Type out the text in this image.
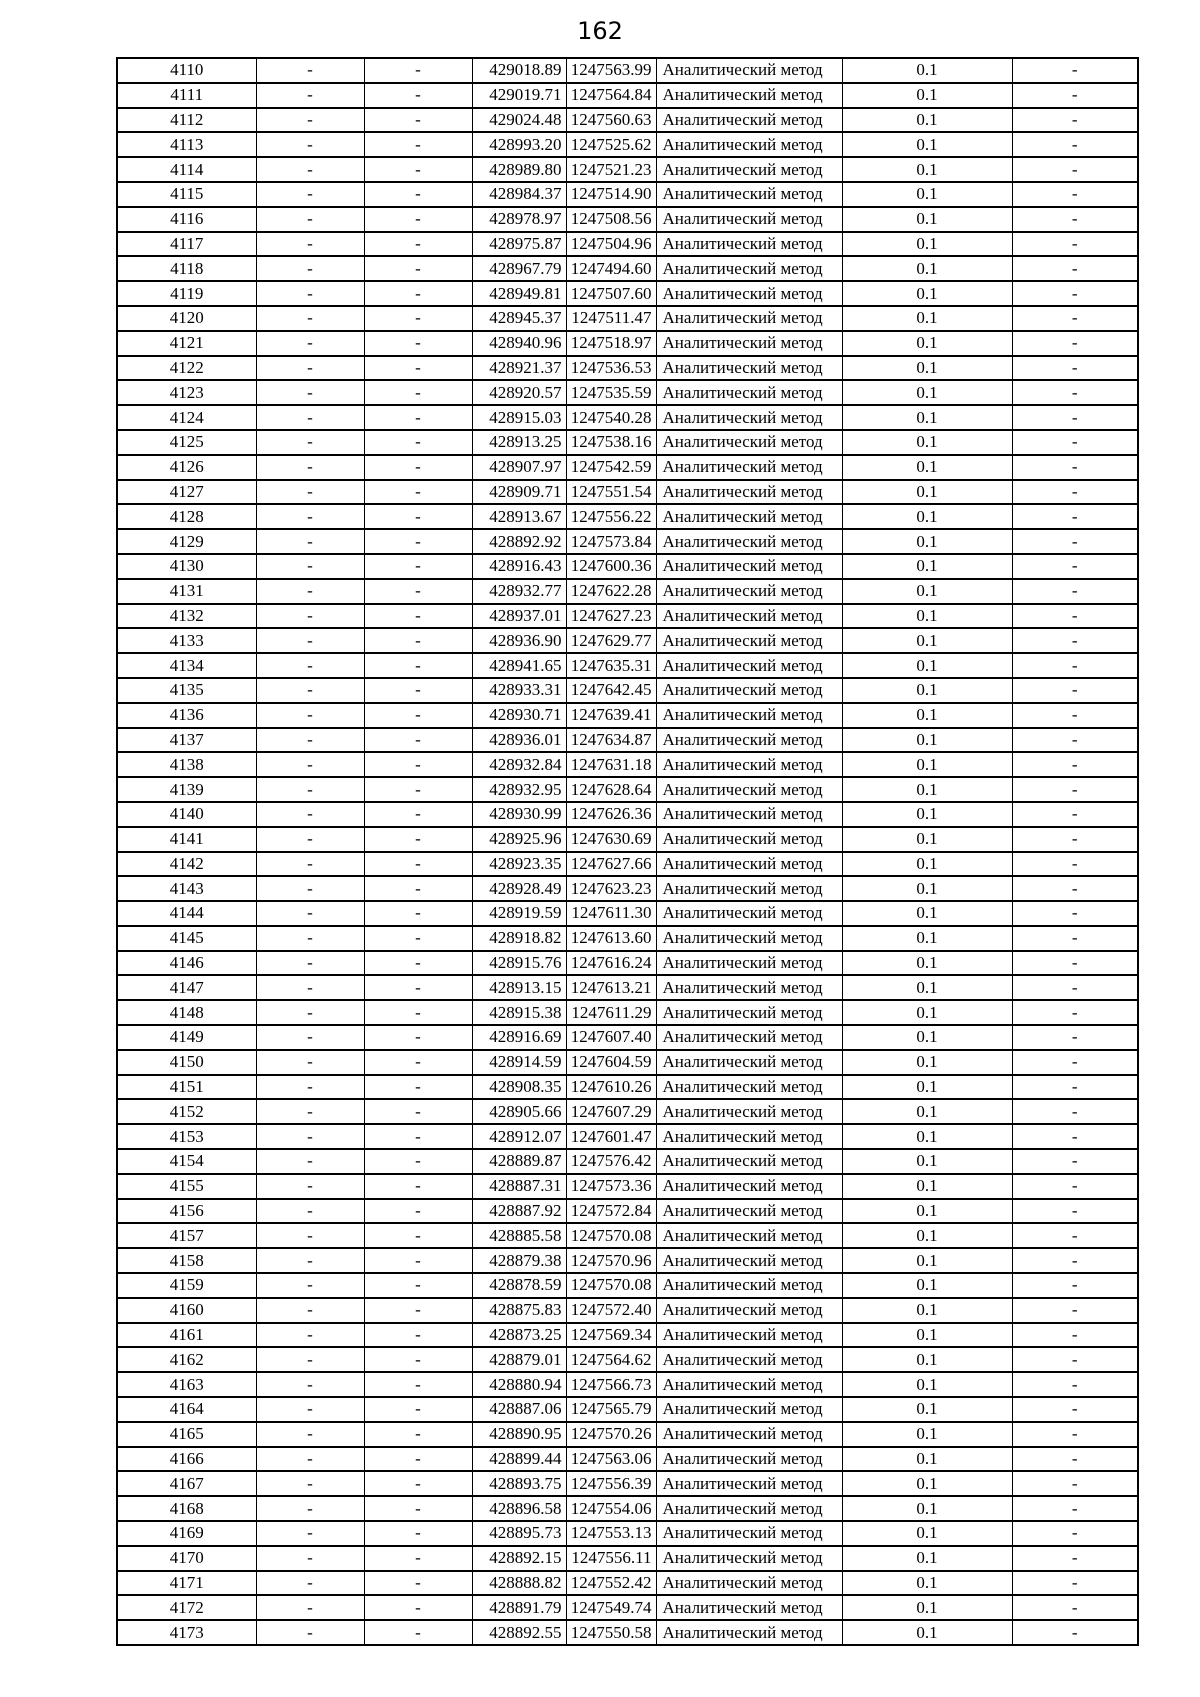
162
4110	-	-	429018.89	1247563.99	Аналитический метод	0.1	-
4111	-	-	429019.71	1247564.84	Аналитический метод	0.1	-
4112	-	-	429024.48	1247560.63	Аналитический метод	0.1	-
4113	-	-	428993.20	1247525.62	Аналитический метод	0.1	-
4114	-	-	428989.80	1247521.23	Аналитический метод	0.1	-
4115	-	-	428984.37	1247514.90	Аналитический метод	0.1	-
4116	-	-	428978.97	1247508.56	Аналитический метод	0.1	-
4117	-	-	428975.87	1247504.96	Аналитический метод	0.1	-
4118	-	-	428967.79	1247494.60	Аналитический метод	0.1	-
4119	-	-	428949.81	1247507.60	Аналитический метод	0.1	-
4120	-	-	428945.37	1247511.47	Аналитический метод	0.1	-
4121	-	-	428940.96	1247518.97	Аналитический метод	0.1	-
4122	-	-	428921.37	1247536.53	Аналитический метод	0.1	-
4123	-	-	428920.57	1247535.59	Аналитический метод	0.1	-
4124	-	-	428915.03	1247540.28	Аналитический метод	0.1	-
4125	-	-	428913.25	1247538.16	Аналитический метод	0.1	-
4126	-	-	428907.97	1247542.59	Аналитический метод	0.1	-
4127	-	-	428909.71	1247551.54	Аналитический метод	0.1	-
4128	-	-	428913.67	1247556.22	Аналитический метод	0.1	-
4129	-	-	428892.92	1247573.84	Аналитический метод	0.1	-
4130	-	-	428916.43	1247600.36	Аналитический метод	0.1	-
4131	-	-	428932.77	1247622.28	Аналитический метод	0.1	-
4132	-	-	428937.01	1247627.23	Аналитический метод	0.1	-
4133	-	-	428936.90	1247629.77	Аналитический метод	0.1	-
4134	-	-	428941.65	1247635.31	Аналитический метод	0.1	-
4135	-	-	428933.31	1247642.45	Аналитический метод	0.1	-
4136	-	-	428930.71	1247639.41	Аналитический метод	0.1	-
4137	-	-	428936.01	1247634.87	Аналитический метод	0.1	-
4138	-	-	428932.84	1247631.18	Аналитический метод	0.1	-
4139	-	-	428932.95	1247628.64	Аналитический метод	0.1	-
4140	-	-	428930.99	1247626.36	Аналитический метод	0.1	-
4141	-	-	428925.96	1247630.69	Аналитический метод	0.1	-
4142	-	-	428923.35	1247627.66	Аналитический метод	0.1	-
4143	-	-	428928.49	1247623.23	Аналитический метод	0.1	-
4144	-	-	428919.59	1247611.30	Аналитический метод	0.1	-
4145	-	-	428918.82	1247613.60	Аналитический метод	0.1	-
4146	-	-	428915.76	1247616.24	Аналитический метод	0.1	-
4147	-	-	428913.15	1247613.21	Аналитический метод	0.1	-
4148	-	-	428915.38	1247611.29	Аналитический метод	0.1	-
4149	-	-	428916.69	1247607.40	Аналитический метод	0.1	-
4150	-	-	428914.59	1247604.59	Аналитический метод	0.1	-
4151	-	-	428908.35	1247610.26	Аналитический метод	0.1	-
4152	-	-	428905.66	1247607.29	Аналитический метод	0.1	-
4153	-	-	428912.07	1247601.47	Аналитический метод	0.1	-
4154	-	-	428889.87	1247576.42	Аналитический метод	0.1	-
4155	-	-	428887.31	1247573.36	Аналитический метод	0.1	-
4156	-	-	428887.92	1247572.84	Аналитический метод	0.1	-
4157	-	-	428885.58	1247570.08	Аналитический метод	0.1	-
4158	-	-	428879.38	1247570.96	Аналитический метод	0.1	-
4159	-	-	428878.59	1247570.08	Аналитический метод	0.1	-
4160	-	-	428875.83	1247572.40	Аналитический метод	0.1	-
4161	-	-	428873.25	1247569.34	Аналитический метод	0.1	-
4162	-	-	428879.01	1247564.62	Аналитический метод	0.1	-
4163	-	-	428880.94	1247566.73	Аналитический метод	0.1	-
4164	-	-	428887.06	1247565.79	Аналитический метод	0.1	-
4165	-	-	428890.95	1247570.26	Аналитический метод	0.1	-
4166	-	-	428899.44	1247563.06	Аналитический метод	0.1	-
4167	-	-	428893.75	1247556.39	Аналитический метод	0.1	-
4168	-	-	428896.58	1247554.06	Аналитический метод	0.1	-
4169	-	-	428895.73	1247553.13	Аналитический метод	0.1	-
4170	-	-	428892.15	1247556.11	Аналитический метод	0.1	-
4171	-	-	428888.82	1247552.42	Аналитический метод	0.1	-
4172	-	-	428891.79	1247549.74	Аналитический метод	0.1	-
4173	-	-	428892.55	1247550.58	Аналитический метод	0.1	-
